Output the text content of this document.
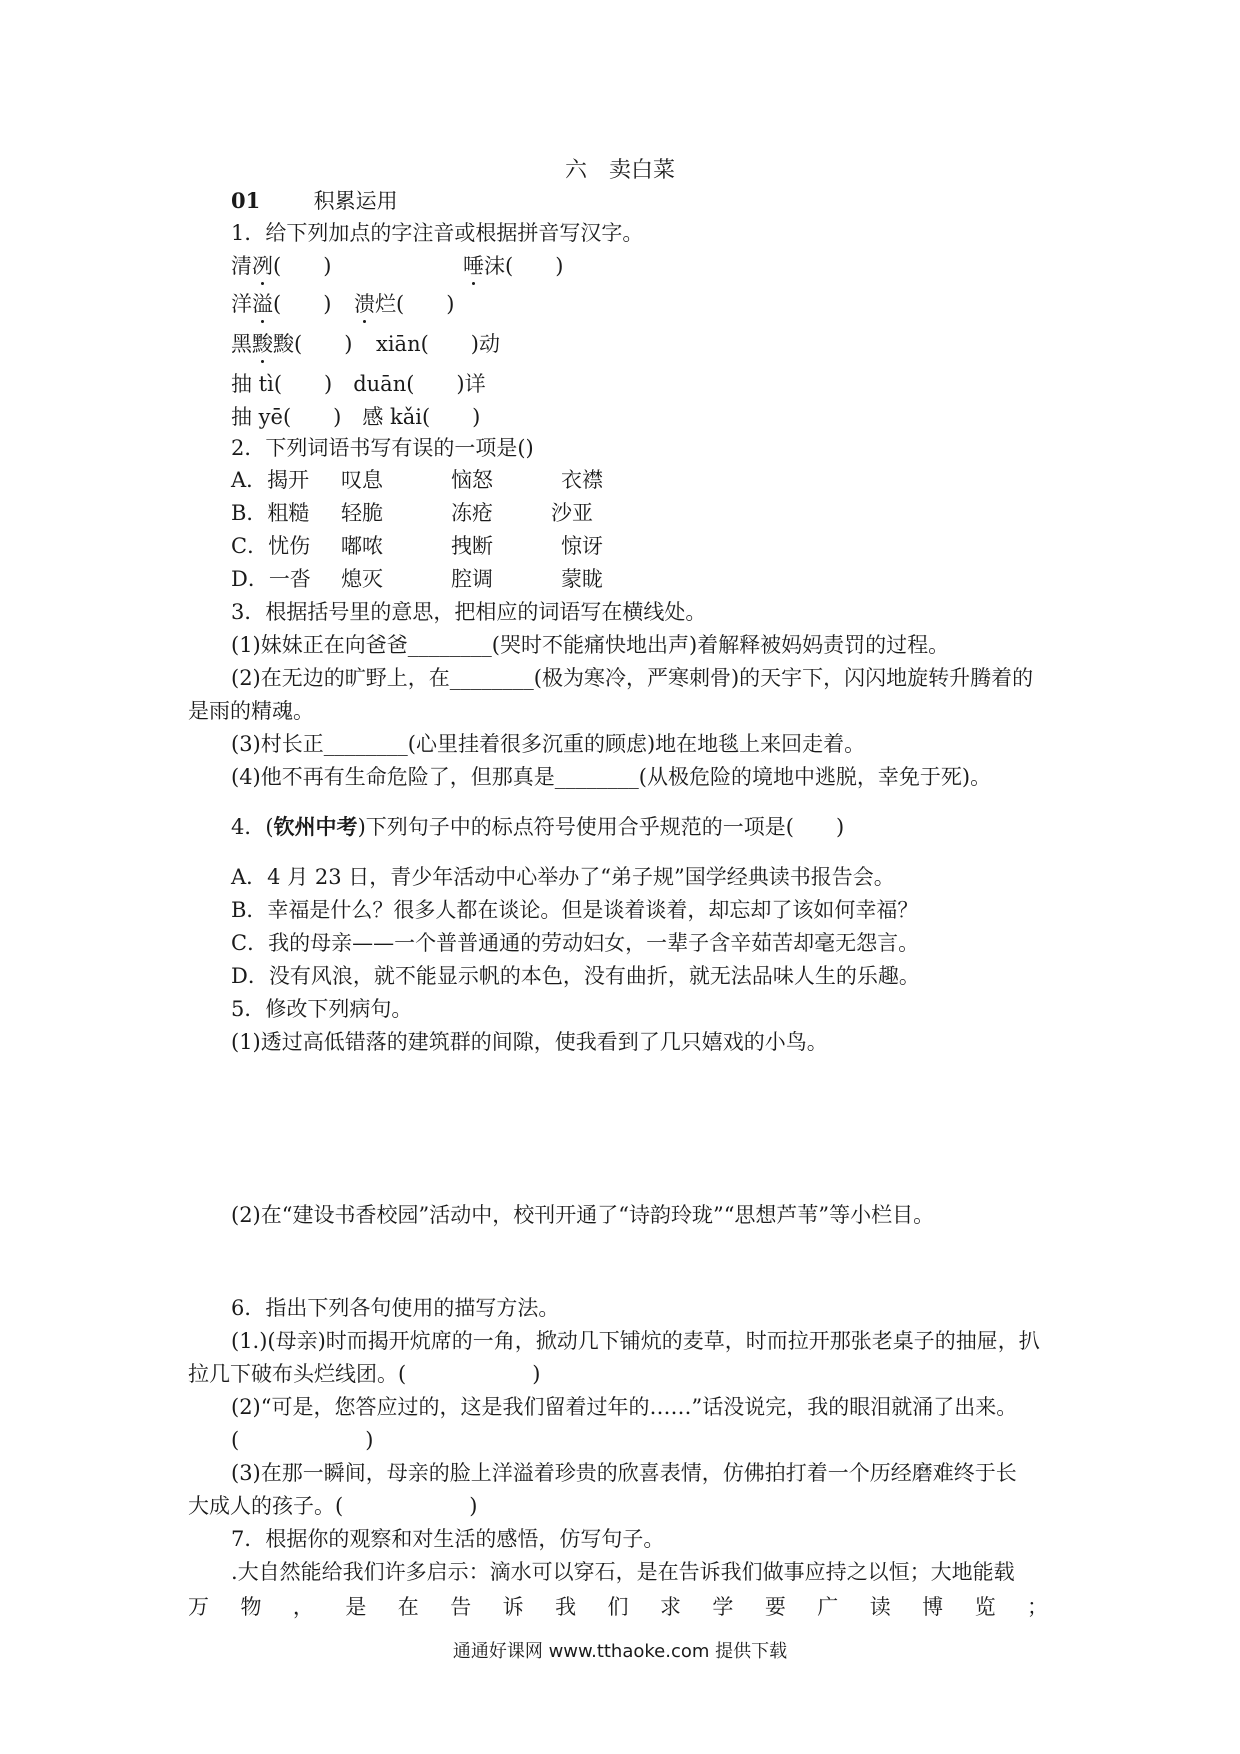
六　卖白菜
01	积累运用
1．给下列加点的字注音或根据拼音写汉字。
清冽(　　)	唾沫(　　)
洋溢(　　) 溃烂(　　)
黑黢黢(　　) xiān(　　)动
抽 tì(　　)　duān(　　)详
抽 yē(　　)　感 kǎi(　　)
2．下列词语书写有误的一项是()
A．揭开 叹息	恼怒	衣襟
B．粗糙 轻脆	冻疮	沙亚
C．忧伤 嘟哝	拽断	惊讶
D．一沓 熄灭	腔调	蒙眬
3．根据括号里的意思，把相应的词语写在横线处。
(1)妹妹正在向爸爸________(哭时不能痛快地出声)着解释被妈妈责罚的过程。
(2)在无边的旷野上，在________(极为寒冷，严寒刺骨)的天宇下，闪闪地旋转升腾着的
是雨的精魂。
(3)村长正________(心里挂着很多沉重的顾虑)地在地毯上来回走着。
(4)他不再有生命危险了，但那真是________(从极危险的境地中逃脱，幸免于死)。
4．(钦州中考)下列句子中的标点符号使用合乎规范的一项是(　　)
A．4 月 23 日，青少年活动中心举办了“弟子规”国学经典读书报告会。
B．幸福是什么？很多人都在谈论。但是谈着谈着，却忘却了该如何幸福？
C．我的母亲——一个普普通通的劳动妇女，一辈子含辛茹苦却毫无怨言。
D．没有风浪，就不能显示帆的本色，没有曲折，就无法品味人生的乐趣。
5．修改下列病句。
(1)透过高低错落的建筑群的间隙，使我看到了几只嬉戏的小鸟。
(2)在“建设书香校园”活动中，校刊开通了“诗韵玲珑”“思想芦苇”等小栏目。
6．指出下列各句使用的描写方法。
(1.)(母亲)时而揭开炕席的一角，掀动几下铺炕的麦草，时而拉开那张老桌子的抽屉，扒
拉几下破布头烂线团。(　　　　　　)
(2)“可是，您答应过的，这是我们留着过年的……”话没说完，我的眼泪就涌了出来。
(　　　　　　)
(3)在那一瞬间，母亲的脸上洋溢着珍贵的欣喜表情，仿佛拍打着一个历经磨难终于长
大成人的孩子。(　　　　　　)
7．根据你的观察和对生活的感悟，仿写句子。
.大自然能给我们许多启示：滴水可以穿石，是在告诉我们做事应持之以恒；大地能载
万 物 ， 是 在 告 诉 我 们 求 学 要 广 读 博 览 ；
通通好课网 www.tthaoke.com 提供下载
